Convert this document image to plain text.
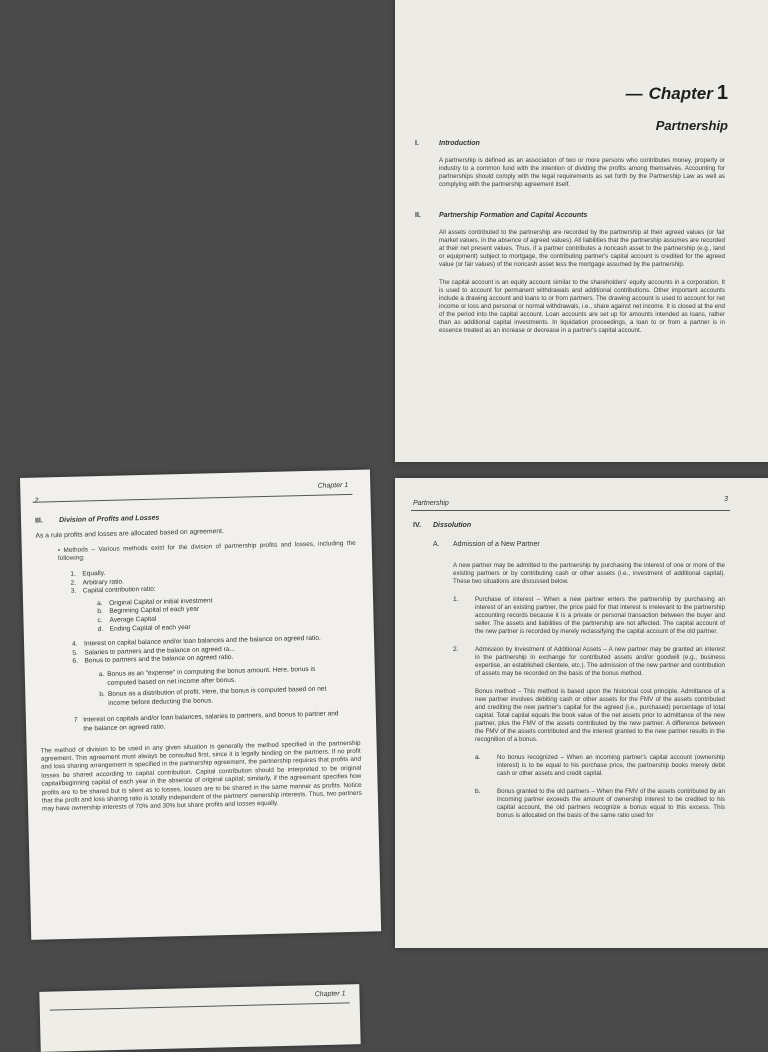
— Chapter 1
Partnership
I.	Introduction

A partnership is defined as an association of two or more persons who contributes money, property or industry to a common fund with the intention of dividing the profits among themselves. Accounting for partnerships should comply with the legal requirements as set forth by the Partnership Law as well as complying with the partnership agreement itself.

II.	Partnership Formation and Capital Accounts

All assets contributed to the partnership are recorded by the partnership at their agreed values (or fair market values, in the absence of agreed values). All liabilities that the partnership assumes are recorded at their net present values. Thus, if a partner contributes a noncash asset to the partnership (e.g., land or equipment) subject to mortgage, the contributing partner's capital account is credited for the agreed value (or fair values) of the noncash asset less the mortgage assumed by the partnership.

The capital account is an equity account similar to the shareholders' equity accounts in a corporation. It is used to account for permanent withdrawals and additional contributions. Other important accounts include a drawing account and loans to or from partners. The drawing account is used to account for net income or loss and personal or normal withdrawals, i.e., share against net income. It is closed at the end of the period into the capital account. Loan accounts are set up for amounts intended as loans, rather than as additional capital investments. In liquidation proceedings, a loan to or from a partner is in essence treated as an increase or decrease in a partner's capital account.

Chapter 1
III. Division of Profits and Losses
As a rule profits and losses are allocated based on agreement.
• Methods – Various methods exist for the division of partnership profits and losses, including the following:
1. Equally.
2. Arbitrary ratio.
3. Capital contribution ratio:
a. Original Capital or initial investment
b. Beginning Capital of each year
c. Average Capital
d. Ending Capital of each year
4. Interest on capital balance and/or loan balances and the balance on agreed ratio.
5. Salaries to partners and the balance on agreed ra...
6. Bonus to partners and the balance on agreed ratio.
a. Bonus as an "expense" in computing the bonus amount. Here, bonus is computed based on net income after bonus.
b. Bonus as a distribution of profit. Here, the bonus is computed based on net income before deducting the bonus.
7 Interest on capitals and/or loan balances, salaries to partners, and bonus to partner and the balance on agreed ratio.

The method of division to be used in any given situation is generally the method specified in the partnership agreement. This agreement must always be consulted first, since it is legally binding on the partners. If no profit and loss sharing arrangement is specified in the partnership agreement, the partnership requires that profits and losses be shared according to capital contribution. Capital contribution should be interpreted to be original capital/beginning capital of each year in the absence of original capital; similarly, if the agreement specifies how profits are to be shared but is silent as to losses, losses are to be shared in the same manner as profits. Notice that the profit and loss sharing ratio is totally independent of the partners' ownership interests. Thus, two partners may have ownership interests of 70% and 30% but share profits and losses equally.

Partnership
3
IV. Dissolution
A. Admission of a New Partner

A new partner may be admitted to the partnership by purchasing the interest of one or more of the existing partners or by contributing cash or other assets (i.e., investment of additional capital). These two situations are discussed below.

1.	Purchase of interest – When a new partner enters the partnership by purchasing an interest of an existing partner, the price paid for that interest is irrelevant to the partnership accounting records because it is a private or personal transaction between the buyer and seller. The assets and liabilities of the partnership are not affected. The capital account of the new partner is recorded by merely reclassifying the capital account of the old partner.

2.	Admission by Investment of Additional Assets – A new partner may be granted an interest in the partnership in exchange for contributed assets and/or goodwill (e.g., business expertise, an established clientele, etc.). The admission of the new partner and contribution of assets may be recorded on the basis of the bonus method.

Bonus method – This method is based upon the historical cost principle. Admittance of a new partner involves debiting cash or other assets for the FMV of the assets contributed and crediting the new partner's capital for the agreed (i.e., purchased) percentage of total capital. Total capital equals the book value of the net assets prior to admittance of the new partner, plus the FMV of the assets contributed by the new partner. A difference between the FMV of the assets contributed and the interest granted to the new partner results in the recognition of a bonus.

a.	No bonus recognized – When an incoming partner's capital account (ownership interest) is to be equal to his purchase price, the partnership books merely debit cash or other assets and credit capital.

b.	Bonus granted to the old partners – When the FMV of the assets contributed by an incoming partner exceeds the amount of ownership interest to be credited to his capital account, the old partners recognize a bonus equal to this excess. This bonus is allocated on the basis of the same ratio used for

Chapter 1
